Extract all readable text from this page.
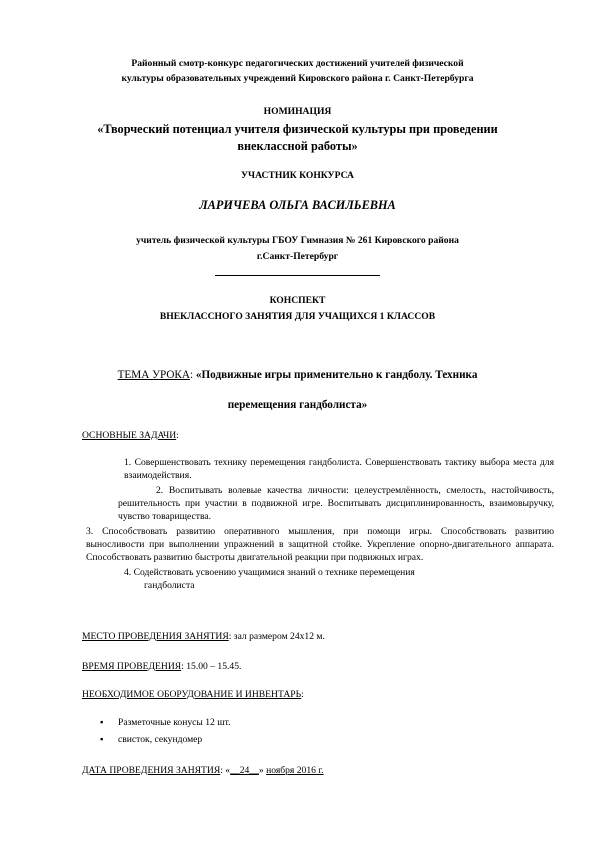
Районный смотр-конкурс педагогических достижений учителей физической
культуры образовательных учреждений Кировского района г. Санкт-Петербурга
НОМИНАЦИЯ
«Творческий потенциал учителя физической культуры при проведении
внеклассной работы»
УЧАСТНИК КОНКУРСА
ЛАРИЧЕВА ОЛЬГА ВАСИЛЬЕВНА
учитель физической культуры ГБОУ Гимназия № 261 Кировского района
г.Санкт-Петербург
КОНСПЕКТ
ВНЕКЛАССНОГО ЗАНЯТИЯ ДЛЯ УЧАЩИХСЯ 1 КЛАССОВ
ТЕМА УРОКА: «Подвижные игры применительно к гандболу. Техника
перемещения гандболиста»
ОСНОВНЫЕ ЗАДАЧИ:
1. Совершенствовать технику перемещения гандболиста. Совершенствовать тактику выбора места для взаимодействия.
2. Воспитывать волевые качества личности: целеустремлённость, смелость, настойчивость, решительность при участии в подвижной игре. Воспитывать дисциплинированность, взаимовыручку, чувство товарищества.
3. Способствовать развитию оперативного мышления, при помощи игры. Способствовать развитию выносливости при выполнении упражнений в защитной стойке. Укрепление опорно-двигательного аппарата. Способствовать развитию быстроты двигательной реакции при подвижных играх.
4. Содействовать усвоению учащимися знаний о технике перемещения
гандболиста
МЕСТО ПРОВЕДЕНИЯ ЗАНЯТИЯ: зал размером 24х12 м.
ВРЕМЯ ПРОВЕДЕНИЯ: 15.00 – 15.45.
НЕОБХОДИМОЕ ОБОРУДОВАНИЕ И ИНВЕНТАРЬ:
▪ Разметочные конусы 12 шт.
▪ свисток, секундомер
ДАТА ПРОВЕДЕНИЯ ЗАНЯТИЯ: «__24__» ноября 2016 г.
